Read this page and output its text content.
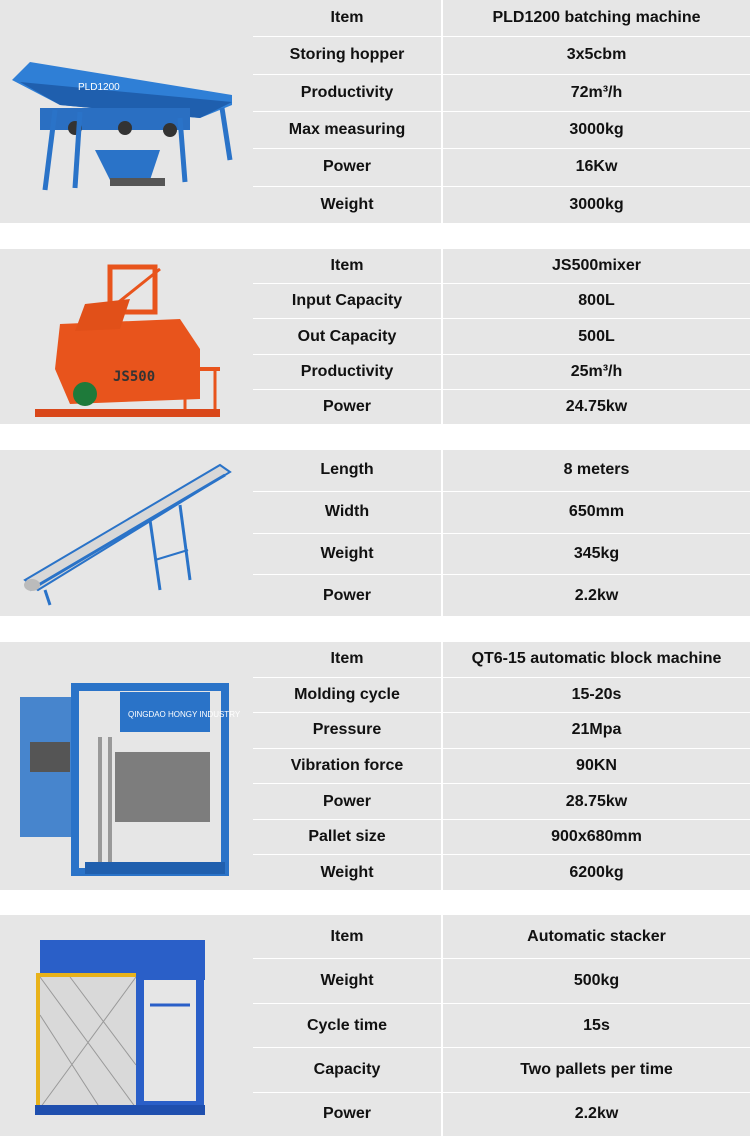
PLD1200
Item	PLD1200 batching machine
Storing hopper	3x5cbm
Productivity	72m³/h
Max measuring	3000kg
Power	16Kw
Weight	3000kg
JS500
Item	JS500mixer
Input Capacity	800L
Out Capacity	500L
Productivity	25m³/h
Power	24.75kw
Length	8 meters
Width	650mm
Weight	345kg
Power	2.2kw
QINGDAO HONGY INDUSTRY
Item	QT6-15 automatic block machine
Molding cycle	15-20s
Pressure	21Mpa
Vibration force	90KN
Power	28.75kw
Pallet size	900x680mm
Weight	6200kg
Item	Automatic stacker
Weight	500kg
Cycle time	15s
Capacity	Two pallets per time
Power	2.2kw
